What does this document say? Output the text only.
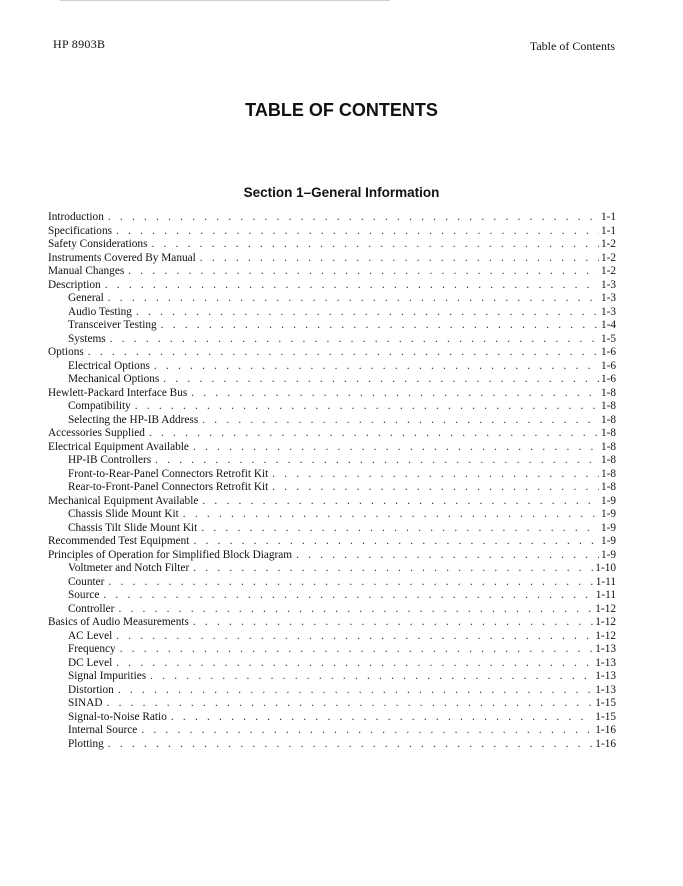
HP 8903B	Table of Contents
TABLE OF CONTENTS
Section 1–General Information
Introduction . . .	1-1
Specifications . . .	1-1
Safety Considerations . . .	1-2
Instruments Covered By Manual . . .	1-2
Manual Changes . . .	1-2
Description . . .	1-3
General . . .	1-3
Audio Testing . . .	1-3
Transceiver Testing . . .	1-4
Systems . . .	1-5
Options . . .	1-6
Electrical Options . . .	1-6
Mechanical Options . . .	1-6
Hewlett-Packard Interface Bus . . .	1-8
Compatibility . . .	1-8
Selecting the HP-IB Address . . .	1-8
Accessories Supplied . . .	1-8
Electrical Equipment Available . . .	1-8
HP-IB Controllers . . .	1-8
Front-to-Rear-Panel Connectors Retrofit Kit . . .	1-8
Rear-to-Front-Panel Connectors Retrofit Kit . . .	1-8
Mechanical Equipment Available . . .	1-9
Chassis Slide Mount Kit . . .	1-9
Chassis Tilt Slide Mount Kit . . .	1-9
Recommended Test Equipment . . .	1-9
Principles of Operation for Simplified Block Diagram . . .	1-9
Voltmeter and Notch Filter . . .	1-10
Counter . . .	1-11
Source . . .	1-11
Controller . . .	1-12
Basics of Audio Measurements . . .	1-12
AC Level . . .	1-12
Frequency . . .	1-13
DC Level . . .	1-13
Signal Impurities . . .	1-13
Distortion . . .	1-13
SINAD . . .	1-15
Signal-to-Noise Ratio . . .	1-15
Internal Source . . .	1-16
Plotting . . .	1-16
